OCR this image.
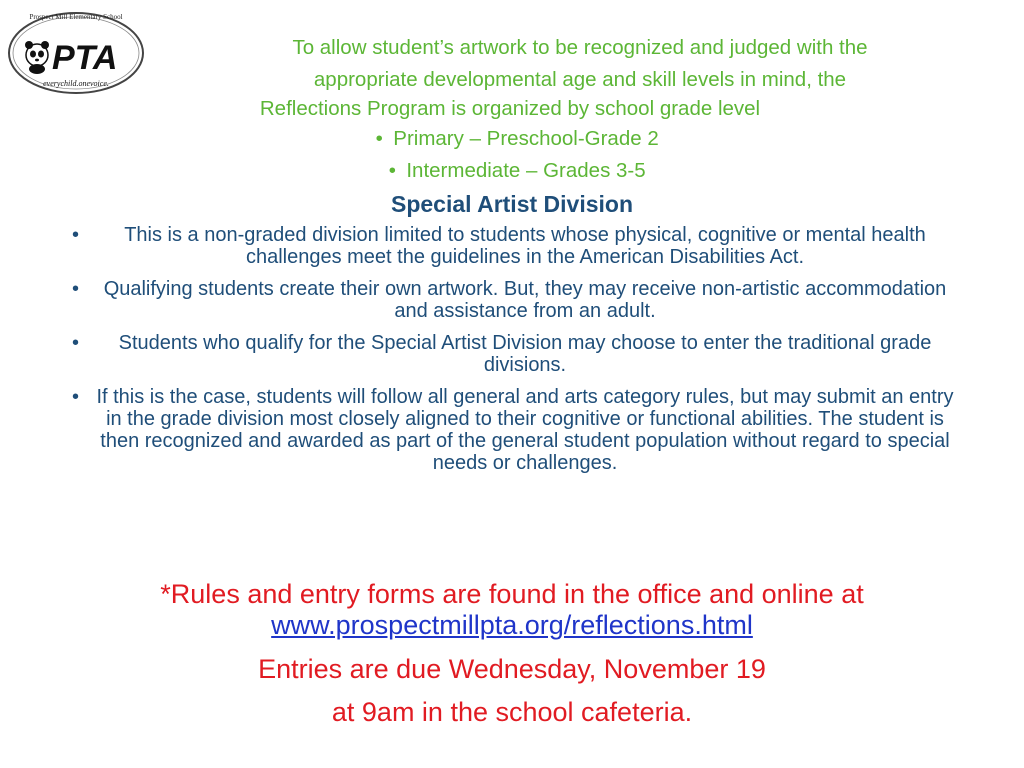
PTA
Prospect Mill Elementary School
everychild.onevoice.
To allow student’s artwork to be recognized and judged with the
appropriate developmental age and skill levels in mind, the
Reflections Program is organized by school grade level
• Primary – Preschool-Grade 2
• Intermediate – Grades 3-5
Special Artist Division
• This is a non-graded division limited to students whose physical, cognitive or mental health challenges meet the guidelines in the American Disabilities Act.
• Qualifying students create their own artwork. But, they may receive non-artistic accommodation and assistance from an adult.
• Students who qualify for the Special Artist Division may choose to enter the traditional grade divisions.
• If this is the case, students will follow all general and arts category rules, but may submit an entry in the grade division most closely aligned to their cognitive or functional abilities. The student is then recognized and awarded as part of the general student population without regard to special needs or challenges.
*Rules and entry forms are found in the office and online at
www.prospectmillpta.org/reflections.html
Entries are due Wednesday, November 19
at 9am in the school cafeteria.
